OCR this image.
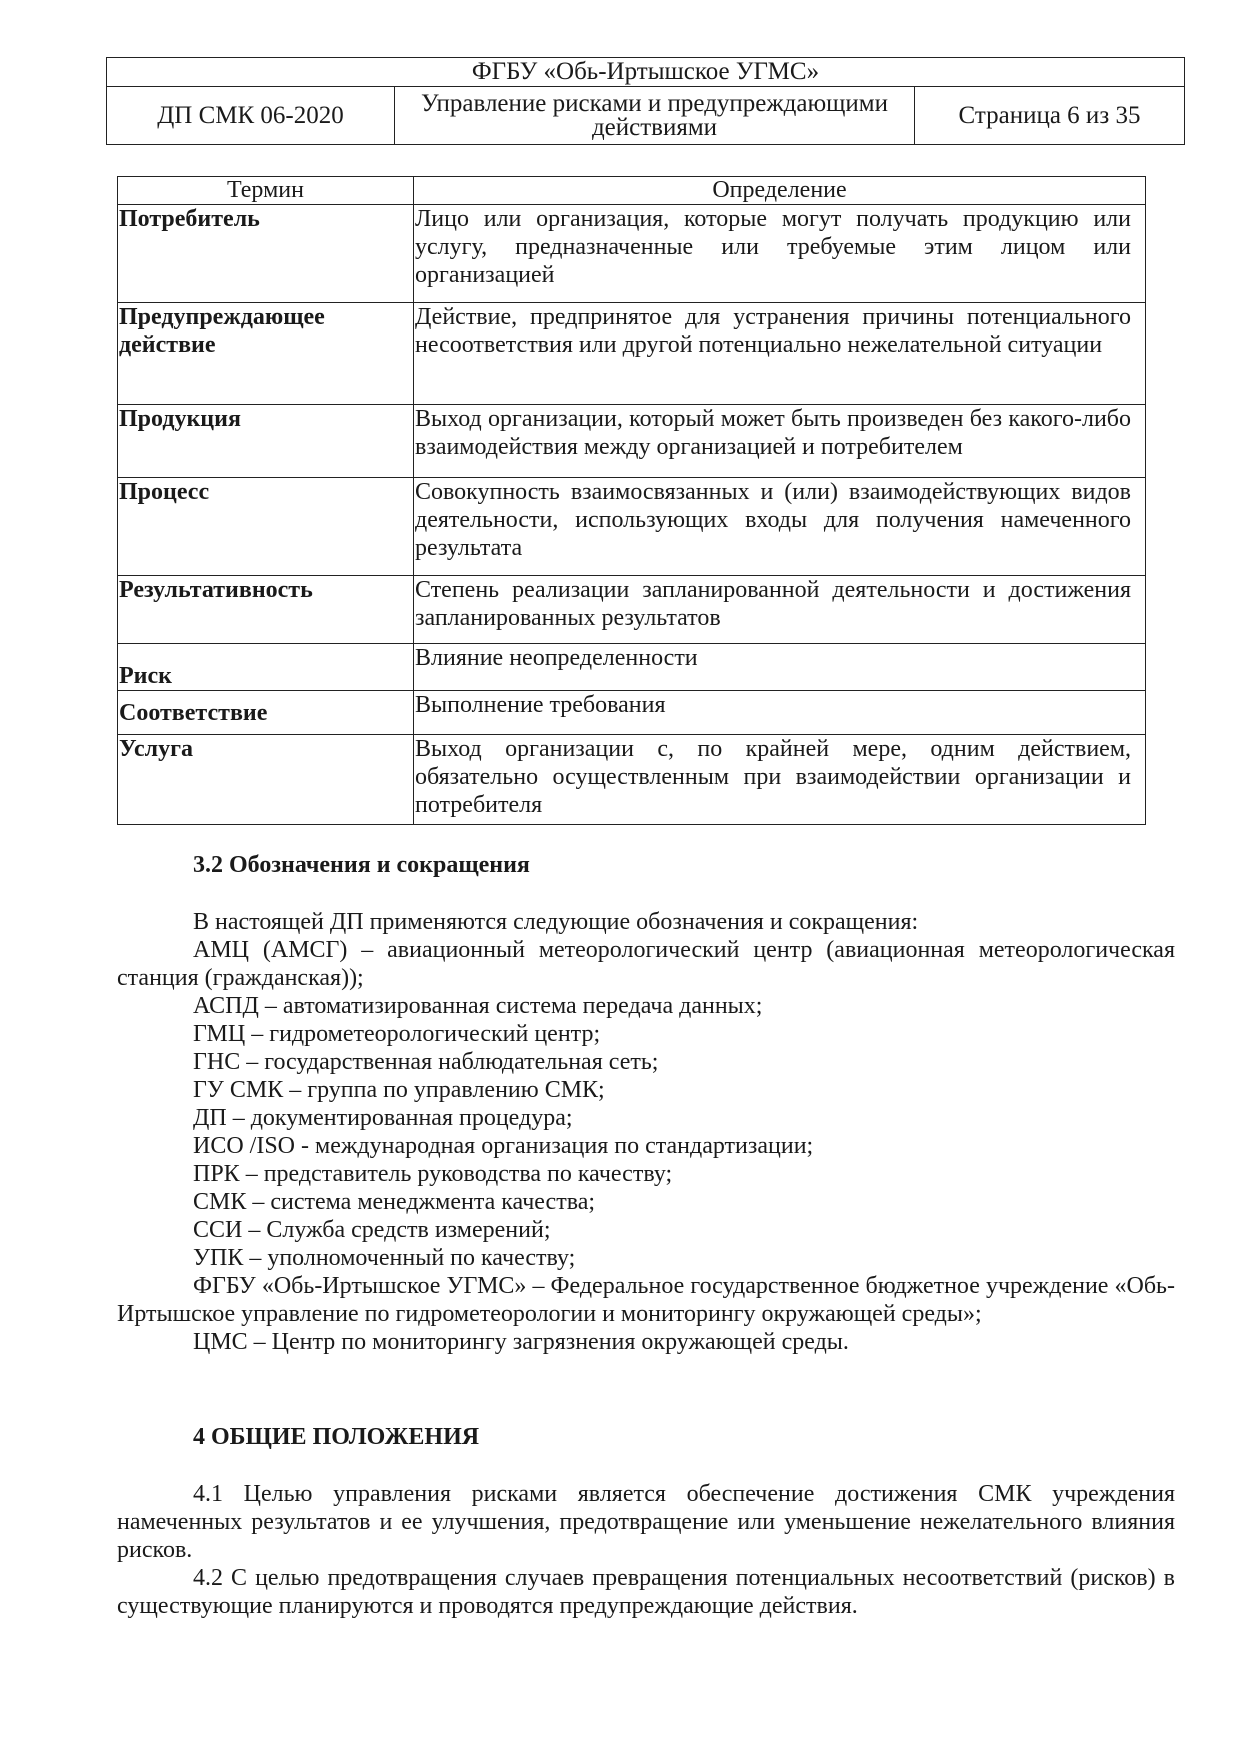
ФГБУ «Обь-Иртышское УГМС»
ДП СМК 06-2020	Управление рисками и предупреждающими действиями	Страница 6 из 35
Термин	Определение
Потребитель	Лицо или организация, которые могут получать продукцию или услугу, предназначенные или требуемые этим лицом или организацией
Предупреждающее действие	Действие, предпринятое для устранения причины потенциального несоответствия или другой потенциально нежелательной ситуации
Продукция	Выход организации, который может быть произведен без какого-либо взаимодействия между организацией и потребителем
Процесс	Совокупность взаимосвязанных и (или) взаимодействующих видов деятельности, использующих входы для получения намеченного результата
Результативность	Степень реализации запланированной деятельности и достижения запланированных результатов
Риск	Влияние неопределенности
Соответствие	Выполнение требования
Услуга	Выход организации с, по крайней мере, одним действием, обязательно осуществленным при взаимодействии организации и потребителя
3.2 Обозначения и сокращения

В настоящей ДП применяются следующие обозначения и сокращения:

АМЦ (АМСГ) – авиационный метеорологический центр (авиационная метеорологическая станция (гражданская));

АСПД – автоматизированная система передача данных;

ГМЦ – гидрометеорологический центр;

ГНС – государственная наблюдательная сеть;

ГУ СМК – группа по управлению СМК;

ДП – документированная процедура;

ИСО /ISO - международная организация по стандартизации;

ПРК – представитель руководства по качеству;

СМК – система менеджмента качества;

ССИ – Служба средств измерений;

УПК – уполномоченный по качеству;

ФГБУ «Обь-Иртышское УГМС» – Федеральное государственное бюджетное учреждение «Обь-Иртышское управление по гидрометеорологии и мониторингу окружающей среды»;

ЦМС – Центр по мониторингу загрязнения окружающей среды.

4 ОБЩИЕ ПОЛОЖЕНИЯ

4.1 Целью управления рисками является обеспечение достижения СМК учреждения намеченных результатов и ее улучшения, предотвращение или уменьшение нежелательного влияния рисков.

4.2 С целью предотвращения случаев превращения потенциальных несоответствий (рисков) в существующие планируются и проводятся предупреждающие действия.
